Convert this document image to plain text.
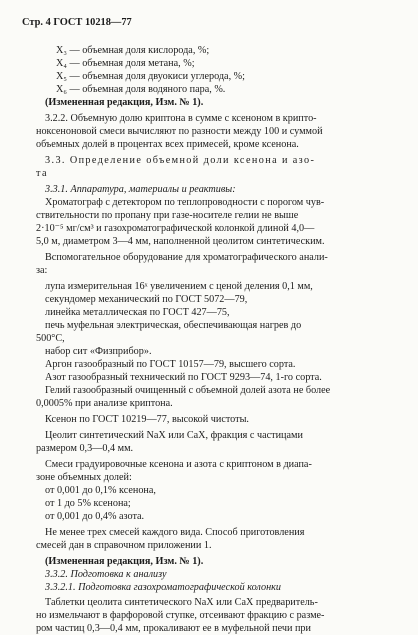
Стр. 4 ГОСТ 10218—77
X₃ — объемная доля кислорода, %;
X₄ — объемная доля метана, %;
X₅ — объемная доля двуокиси углерода, %;
X₆ — объемная доля водяного пара, %.
(Измененная редакция, Изм. № 1).
3.2.2. Объемную долю криптона в сумме с ксеноном в крипто-
ноксеноновой смеси вычисляют по разности между 100 и суммой
объемных долей в процентах всех примесей, кроме ксенона.
3.3. Определение объемной доли ксенона и азо-
та
3.3.1. Аппаратура, материалы и реактивы:
Хроматограф с детектором по теплопроводности с порогом чув-
ствительности по пропану при газе-носителе гелии не выше
2·10⁻⁵ мг/см³ и газохроматографической колонкой длиной 4,0—
5,0 м, диаметром 3—4 мм, наполненной цеолитом синтетическим.
Вспомогательное оборудование для хроматографического анали-
за:
лупа измерительная 16ˣ увеличением с ценой деления 0,1 мм,
секундомер механический по ГОСТ 5072—79,
линейка металлическая по ГОСТ 427—75,
печь муфельная электрическая, обеспечивающая нагрев до
500°С,
набор сит «Физприбор».
Аргон газообразный по ГОСТ 10157—79, высшего сорта.
Азот газообразный технический по ГОСТ 9293—74, 1-го сорта.
Гелий газообразный очищенный с объемной долей азота не более
0,0005% при анализе криптона.
Ксенон по ГОСТ 10219—77, высокой чистоты.
Цеолит синтетический NaX или CaX, фракция с частицами
размером 0,3—0,4 мм.
Смеси градуировочные ксенона и азота с криптоном в диапа-
зоне объемных долей:
от 0,001 до 0,1% ксенона,
от 1 до 5% ксенона;
от 0,001 до 0,4% азота.
Не менее трех смесей каждого вида. Способ приготовления
смесей дан в справочном приложении 1.
(Измененная редакция, Изм. № 1).
3.3.2. Подготовка к анализу
3.3.2.1. Подготовка газохроматографической колонки
Таблетки цеолита синтетического NaX или CaX предваритель-
но измельчают в фарфоровой ступке, отсеивают фракцию с разме-
ром частиц 0,3—0,4 мм, прокаливают ее в муфельной печи при
